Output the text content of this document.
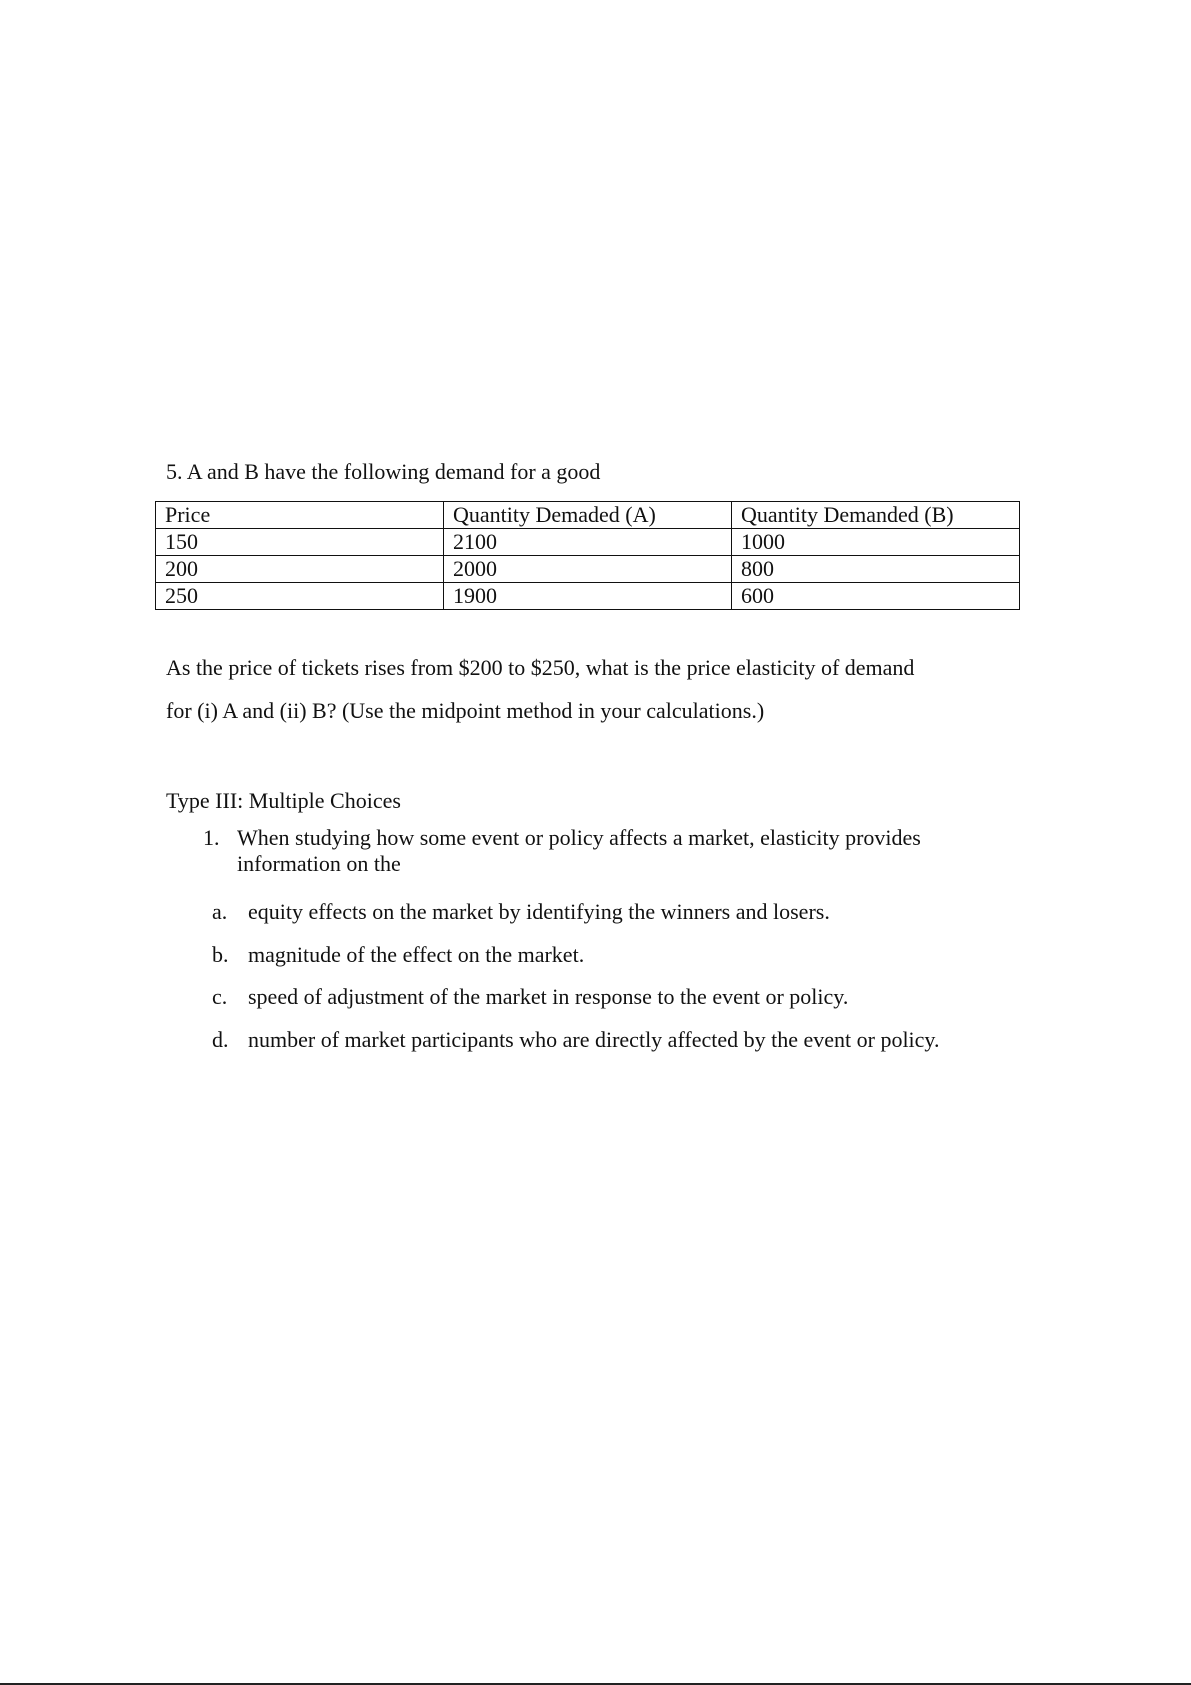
5. A and B have the following demand for a good
Price	Quantity Demaded (A)	Quantity Demanded (B)
150	2100	1000
200	2000	800
250	1900	600
As the price of tickets rises from $200 to $250, what is the price elasticity of demand
for (i) A and (ii) B? (Use the midpoint method in your calculations.)
Type III: Multiple Choices
1. When studying how some event or policy affects a market, elasticity provides
information on the
a. equity effects on the market by identifying the winners and losers.
b. magnitude of the effect on the market.
c. speed of adjustment of the market in response to the event or policy.
d. number of market participants who are directly affected by the event or policy.
